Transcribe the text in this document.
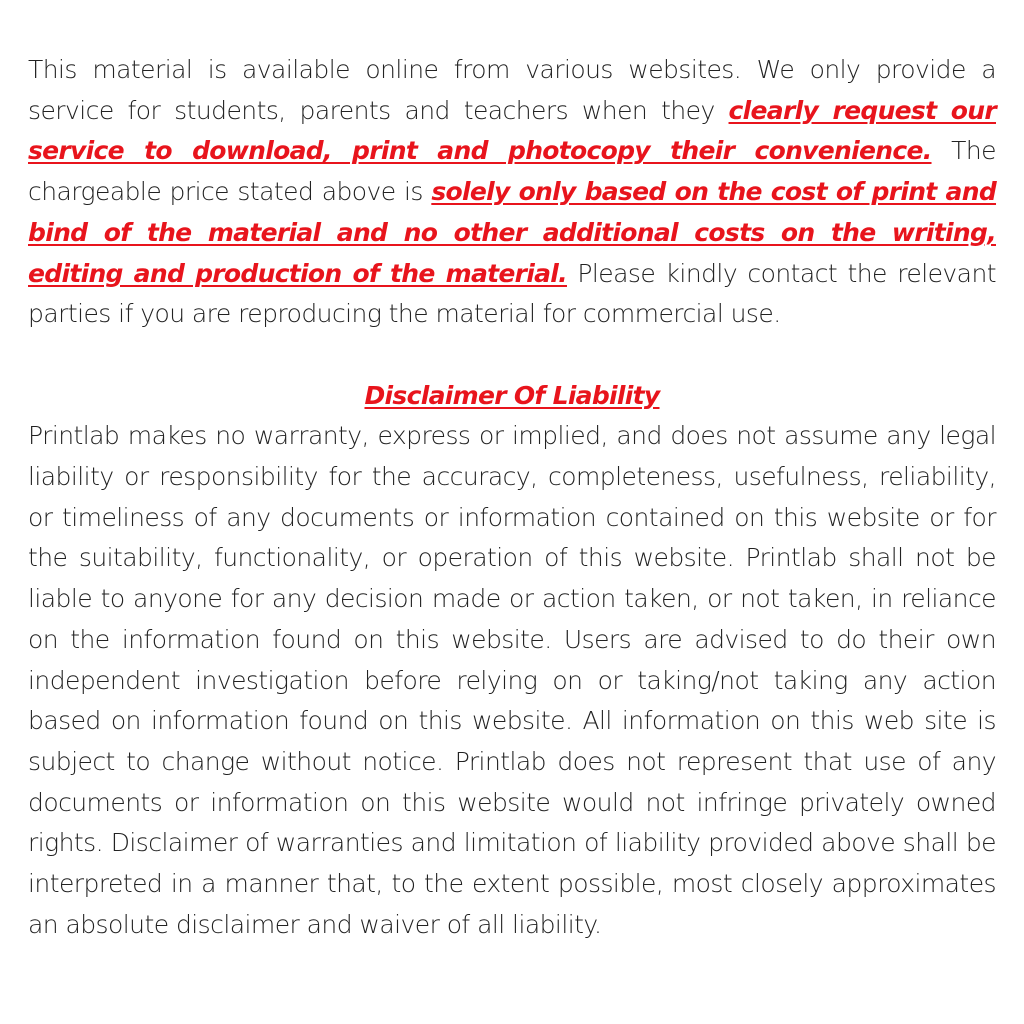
This material is available online from various websites. We only provide a service for students, parents and teachers when they clearly request our service to download, print and photocopy their convenience. The chargeable price stated above is solely only based on the cost of print and bind of the material and no other additional costs on the writing, editing and production of the material. Please kindly contact the relevant parties if you are reproducing the material for commercial use.

Disclaimer Of Liability

Printlab makes no warranty, express or implied, and does not assume any legal liability or responsibility for the accuracy, completeness, usefulness, reliability, or timeliness of any documents or information contained on this website or for the suitability, functionality, or operation of this website. Printlab shall not be liable to anyone for any decision made or action taken, or not taken, in reliance on the information found on this website. Users are advised to do their own independent investigation before relying on or taking/not taking any action based on information found on this website. All information on this web site is subject to change without notice. Printlab does not represent that use of any documents or information on this website would not infringe privately owned rights. Disclaimer of warranties and limitation of liability provided above shall be interpreted in a manner that, to the extent possible, most closely approximates an absolute disclaimer and waiver of all liability.
